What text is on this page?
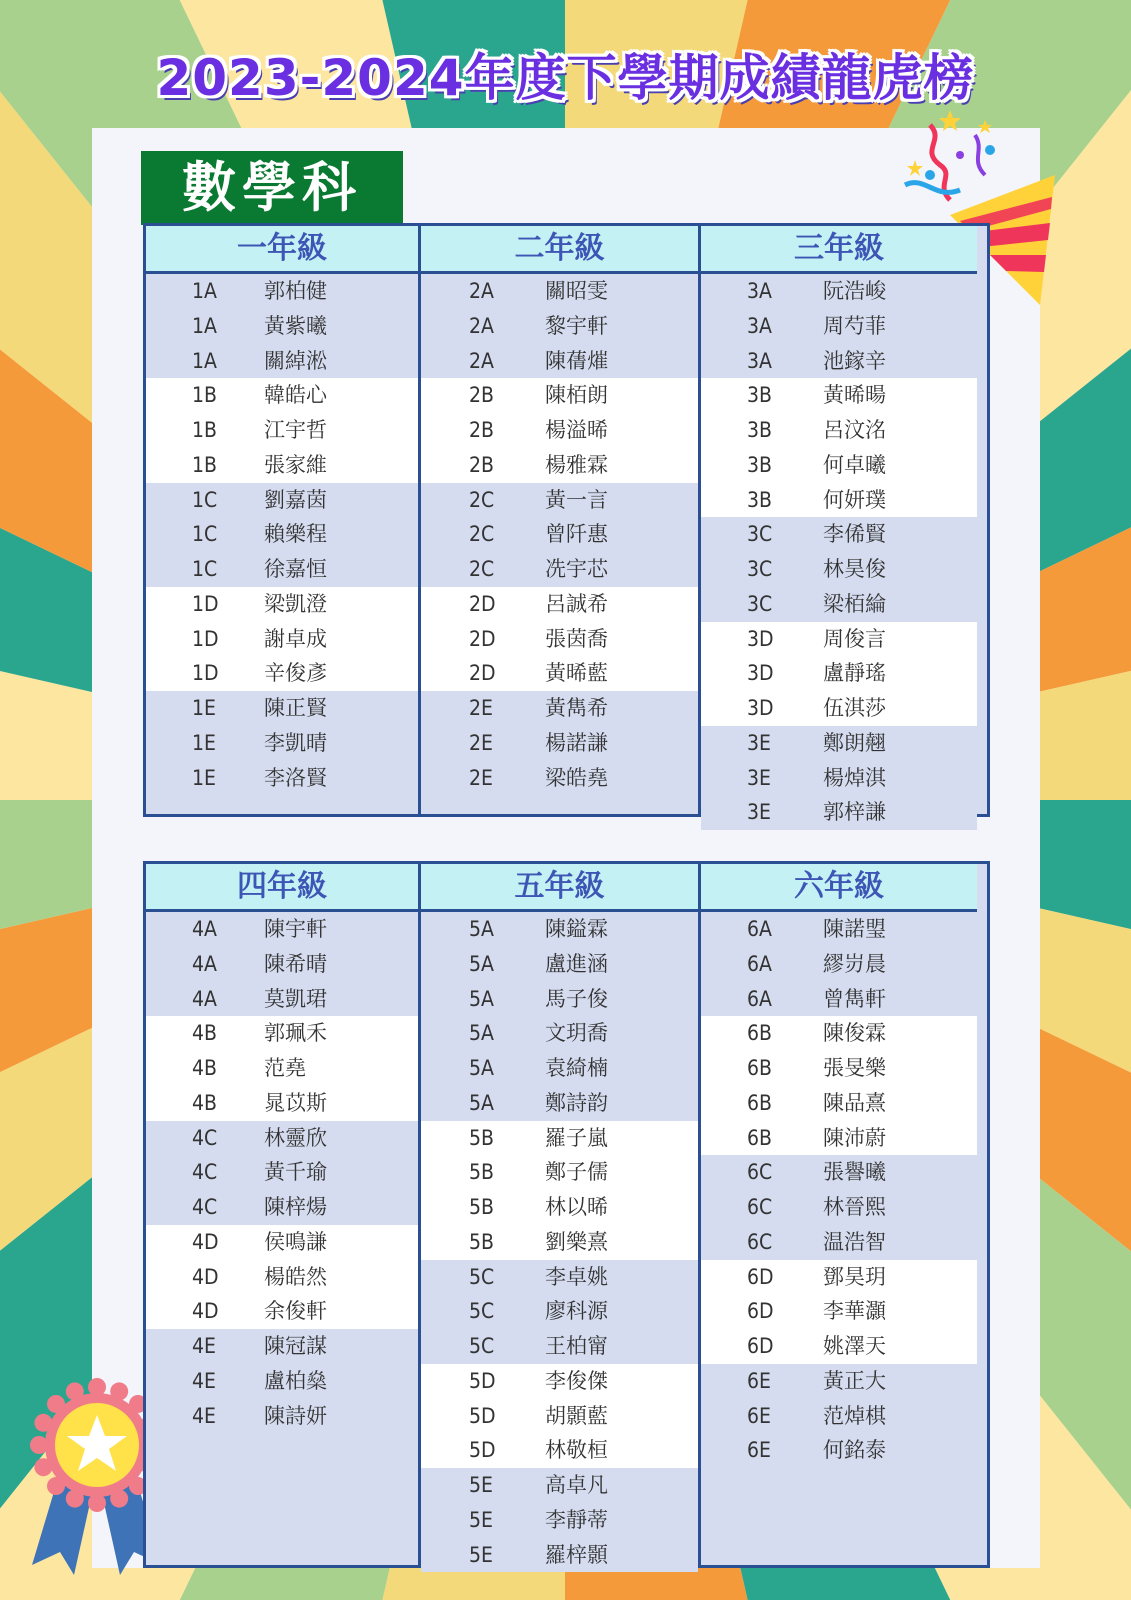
2023-2024年度下學期成績龍虎榜
數學科
一年級
1A 郭柏健
1A 黃紫曦
1A 關綽淞
1B 韓皓心
1B 江宇哲
1B 張家維
1C 劉嘉茵
1C 賴樂程
1C 徐嘉恒
1D 梁凱澄
1D 謝卓成
1D 辛俊彥
1E 陳正賢
1E 李凱晴
1E 李洛賢
二年級
2A 關昭雯
2A 黎宇軒
2A 陳蒨熣
2B 陳栢朗
2B 楊溢晞
2B 楊雅霖
2C 黃一言
2C 曾阡惠
2C 冼宇芯
2D 呂誠希
2D 張茵喬
2D 黃晞藍
2E 黃雋希
2E 楊諾謙
2E 梁皓堯
三年級
3A 阮浩峻
3A 周芍菲
3A 池鎵辛
3B 黃晞暘
3B 呂汶洺
3B 何卓曦
3B 何妍璞
3C 李俙賢
3C 林昊俊
3C 梁栢綸
3D 周俊言
3D 盧靜瑤
3D 伍淇莎
3E 鄭朗翹
3E 楊焯淇
3E 郭梓謙
四年級
4A 陳宇軒
4A 陳希晴
4A 莫凱珺
4B 郭珮禾
4B 范堯
4B 晁苡斯
4C 林靈欣
4C 黃千瑜
4C 陳梓煬
4D 侯鳴謙
4D 楊皓然
4D 余俊軒
4E 陳冠謀
4E 盧柏燊
4E 陳詩妍
五年級
5A 陳鎰霖
5A 盧進涵
5A 馬子俊
5A 文玥喬
5A 袁綺楠
5A 鄭詩韵
5B 羅子嵐
5B 鄭子儒
5B 林以晞
5B 劉樂熹
5C 李卓姚
5C 廖科源
5C 王柏甯
5D 李俊傑
5D 胡顥藍
5D 林敬桓
5E 高卓凡
5E 李靜蒂
5E 羅梓顥
六年級
6A 陳諾琞
6A 繆岃晨
6A 曾雋軒
6B 陳俊霖
6B 張旻樂
6B 陳品熹
6B 陳沛蔚
6C 張譽曦
6C 林晉熙
6C 温浩智
6D 鄧昊玥
6D 李華灝
6D 姚澤天
6E 黃正大
6E 范焯棋
6E 何銘泰
